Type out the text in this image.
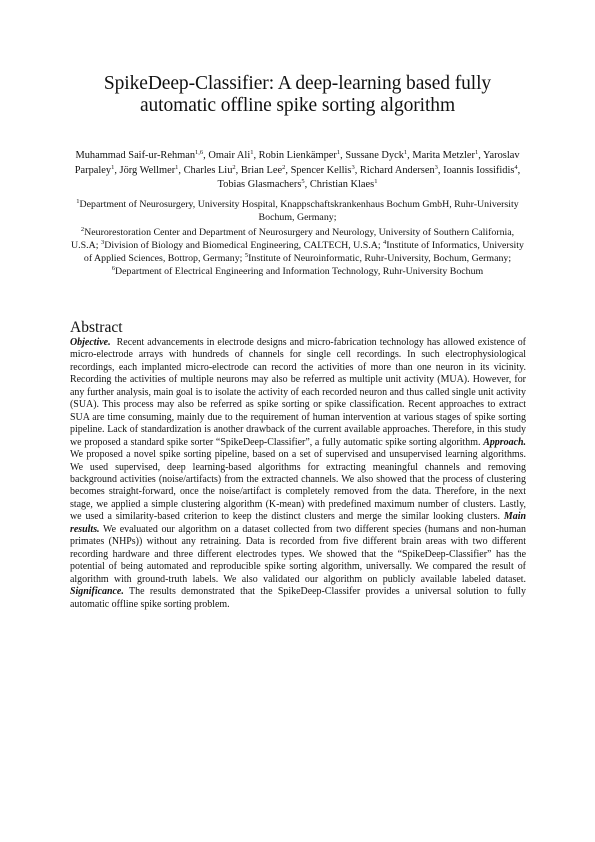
SpikeDeep-Classifier: A deep-learning based fully automatic offline spike sorting algorithm
Muhammad Saif-ur-Rehman$^{1,6}$, Omair Ali$^1$, Robin Lienkämper$^1$, Sussane Dyck$^1$, Marita Metzler$^1$, Yaroslav Parpaley$^1$, Jörg Wellmer$^1$, Charles Liu$^2$, Brian Lee$^2$, Spencer Kellis$^3$, Richard Andersen$^3$, Ioannis Iossifidis$^4$, Tobias Glasmachers$^5$, Christian Klaes$^1$

$^1$Department of Neurosurgery, University Hospital, Knappschaftskrankenhaus Bochum GmbH, Ruhr-University Bochum, Germany;

$^2$Neurorestoration Center and Department of Neurosurgery and Neurology, University of Southern California, U.S.A; $^3$Division of Biology and Biomedical Engineering, CALTECH, U.S.A; $^4$Institute of Informatics, University of Applied Sciences, Bottrop, Germany; $^5$Institute of Neuroinformatic, Ruhr-University, Bochum, Germany; $^6$Department of Electrical Engineering and Information Technology, Ruhr-University Bochum

Abstract
Objective. Recent advancements in electrode designs and micro-fabrication technology has allowed existence of micro-electrode arrays with hundreds of channels for single cell recordings. In such electrophysiological recordings, each implanted micro-electrode can record the activities of more than one neuron in its vicinity. Recording the activities of multiple neurons may also be referred as multiple unit activity (MUA). However, for any further analysis, main goal is to isolate the activity of each recorded neuron and thus called single unit activity (SUA). This process may also be referred as spike sorting or spike classification. Recent approaches to extract SUA are time consuming, mainly due to the requirement of human intervention at various stages of spike sorting pipeline. Lack of standardization is another drawback of the current available approaches. Therefore, in this study we proposed a standard spike sorter “SpikeDeep-Classifier”, a fully automatic spike sorting algorithm. Approach. We proposed a novel spike sorting pipeline, based on a set of supervised and unsupervised learning algorithms. We used supervised, deep learning-based algorithms for extracting meaningful channels and removing background activities (noise/artifacts) from the extracted channels. We also showed that the process of clustering becomes straight-forward, once the noise/artifact is completely removed from the data. Therefore, in the next stage, we applied a simple clustering algorithm (K-mean) with predefined maximum number of clusters. Lastly, we used a similarity-based criterion to keep the distinct clusters and merge the similar looking clusters. Main results. We evaluated our algorithm on a dataset collected from two different species (humans and non-human primates (NHPs)) without any retraining. Data is recorded from five different brain areas with two different recording hardware and three different electrodes types. We showed that the “SpikeDeep-Classifier” has the potential of being automated and reproducible spike sorting algorithm, universally. We compared the result of algorithm with ground-truth labels. We also validated our algorithm on publicly available labeled dataset. Significance. The results demonstrated that the SpikeDeep-Classifer provides a universal solution to fully automatic offline spike sorting problem.
